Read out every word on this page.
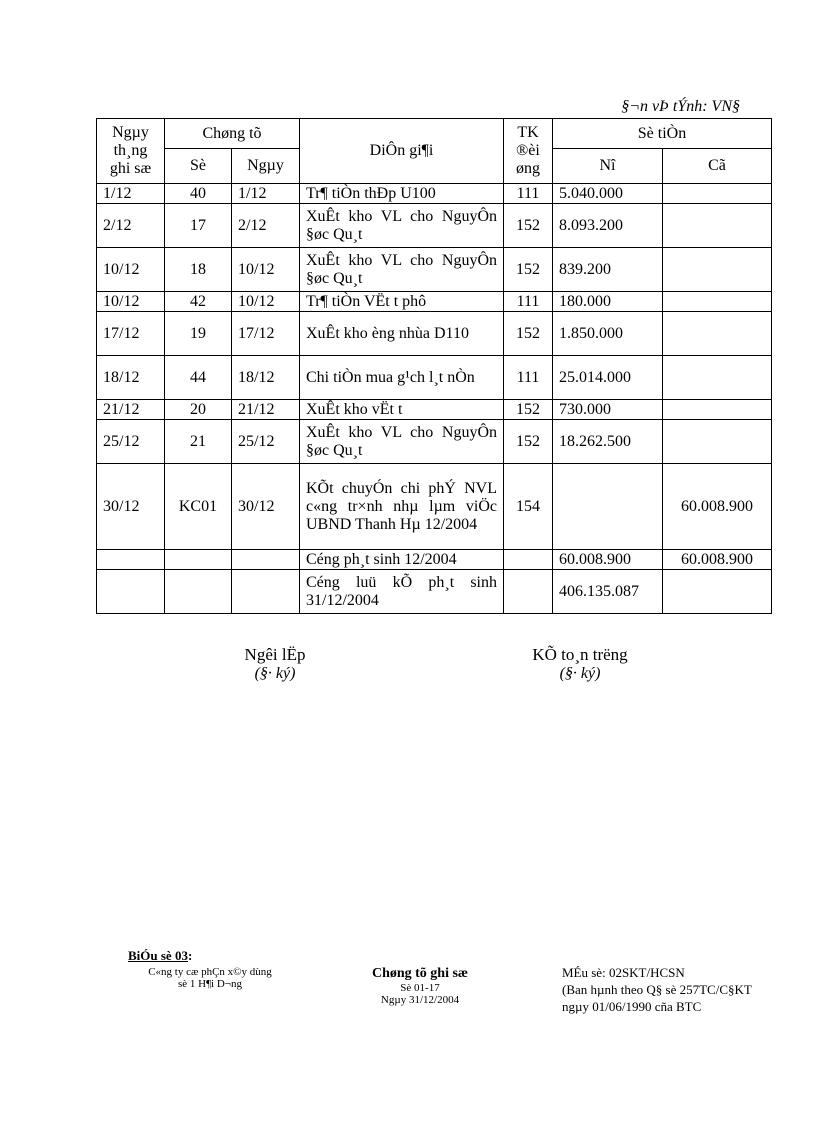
§¬n vÞ tÝnh: VN§
Ngµy th¸ng ghi sæ	Chøng tõ		DiÔn gi¶i	TK ®èi øng	Sè tiÒn	
	Sè	Ngµy			Nî	Cã
1/12	40	1/12	Tr¶ tiÒn thÐp U100	111	5.040.000	
2/12	17	2/12	XuÊt kho VL cho NguyÔn §øc Qu¸t	152	8.093.200	
10/12	18	10/12	XuÊt kho VL cho NguyÔn §øc Qu¸t	152	839.200	
10/12	42	10/12	Tr¶ tiÒn VËt t phô	111	180.000	
17/12	19	17/12	XuÊt kho èng nhùa D110	152	1.850.000	
18/12	44	18/12	Chi tiÒn mua g¹ch l¸t nÒn	111	25.014.000	
21/12	20	21/12	XuÊt kho vËt t	152	730.000	
25/12	21	25/12	XuÊt kho VL cho NguyÔn §øc Qu¸t	152	18.262.500	
30/12	KC01	30/12	KÕt chuyÓn chi phÝ NVL c«ng tr×nh nhµ lµm viÖc UBND Thanh Hµ 12/2004	154		60.008.900
			Céng ph¸t sinh 12/2004		60.008.900	60.008.900
			Céng luü kÕ ph¸t sinh 31/12/2004		406.135.087	
Ngêi lËp
(§· ký)
KÕ to¸n trëng
(§· ký)
BiÓu sè 03:
C«ng ty cæ phÇn x©y dùng
sè 1 H¶i D¬ng
Chøng tõ ghi sæ
Sè 01-17
Ngµy 31/12/2004
MÉu sè: 02SKT/HCSN
(Ban hµnh theo Q§ sè 257TC/C§KT
ngµy 01/06/1990 cña BTC
